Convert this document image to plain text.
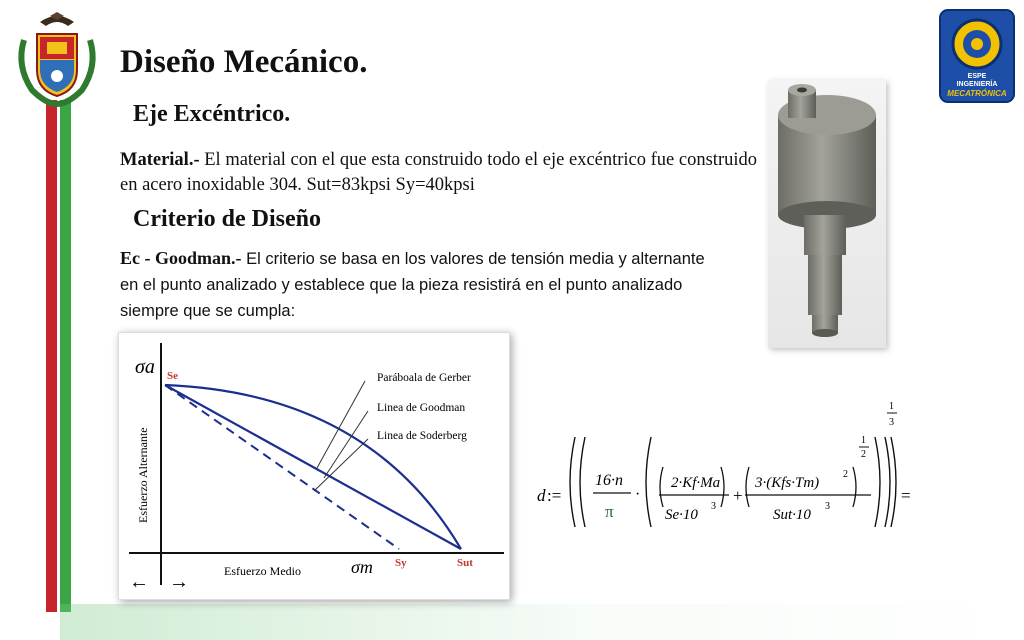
ESPE
INGENIERÍA
MECATRÓNICA
Diseño Mecánico.
Eje Excéntrico.
Material.- El material con el que esta construido todo el eje excéntrico fue construido en acero inoxidable 304. Sut=83kpsi Sy=40kpsi
Criterio de Diseño
Ec - Goodman.- El criterio se basa en los valores de tensión media y alternante en el punto analizado y establece que la pieza resistirá en el punto analizado siempre que se cumpla:
σa
σm
Esfuerzo Alternante
Esfuerzo Medio
← →
Se
Sy	Sut
Paráboala de Gerber
Linea de Goodman
Linea de Soderberg
d :=
16·n
π
·
2·Kf·Ma
Se·10
3
+
3·(Kfs·Tm)
2
Sut·10
3
1
2
1
3
=
